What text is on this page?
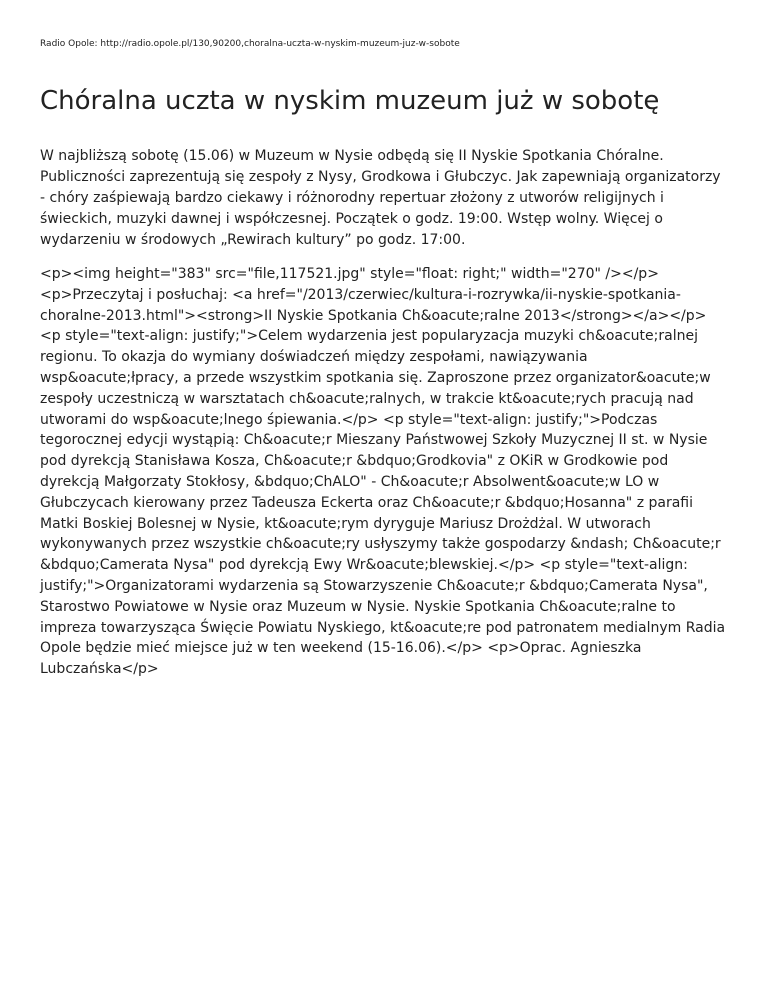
Radio Opole: http://radio.opole.pl/130,90200,choralna-uczta-w-nyskim-muzeum-juz-w-sobote
Chóralna uczta w nyskim muzeum już w sobotę

W najbliższą sobotę (15.06) w Muzeum w Nysie odbędą się II Nyskie Spotkania Chóralne. Publiczności zaprezentują się zespoły z Nysy, Grodkowa i Głubczyc. Jak zapewniają organizatorzy - chóry zaśpiewają bardzo ciekawy i różnorodny repertuar złożony z utworów religijnych i świeckich, muzyki dawnej i współczesnej. Początek o godz. 19:00. Wstęp wolny. Więcej o wydarzeniu w środowych „Rewirach kultury” po godz. 17:00.

<p><img height="383" src="file,117521.jpg" style="float: right;" width="270" /></p> <p>Przeczytaj i posłuchaj: <a href="/2013/czerwiec/kultura-i-rozrywka/ii-nyskie-spotkania-choralne-2013.html"><strong>II Nyskie Spotkania Ch&oacute;ralne 2013</strong></a></p> <p style="text-align: justify;">Celem wydarzenia jest popularyzacja muzyki ch&oacute;ralnej regionu. To okazja do wymiany doświadczeń między zespołami, nawiązywania wsp&oacute;łpracy, a przede wszystkim spotkania się. Zaproszone przez organizator&oacute;w zespoły uczestniczą w warsztatach ch&oacute;ralnych, w trakcie kt&oacute;rych pracują nad utworami do wsp&oacute;lnego śpiewania.</p> <p style="text-align: justify;">Podczas tegorocznej edycji wystąpią: Ch&oacute;r Mieszany Państwowej Szkoły Muzycznej II st. w Nysie pod dyrekcją Stanisława Kosza, Ch&oacute;r &bdquo;Grodkovia" z OKiR w Grodkowie pod dyrekcją Małgorzaty Stokłosy, &bdquo;ChALO" - Ch&oacute;r Absolwent&oacute;w LO w Głubczycach kierowany przez Tadeusza Eckerta oraz Ch&oacute;r &bdquo;Hosanna" z parafii Matki Boskiej Bolesnej w Nysie, kt&oacute;rym dyryguje Mariusz Drożdżal. W utworach wykonywanych przez wszystkie ch&oacute;ry usłyszymy także gospodarzy &ndash; Ch&oacute;r &bdquo;Camerata Nysa" pod dyrekcją Ewy Wr&oacute;blewskiej.</p> <p style="text-align: justify;">Organizatorami wydarzenia są Stowarzyszenie Ch&oacute;r &bdquo;Camerata Nysa", Starostwo Powiatowe w Nysie oraz Muzeum w Nysie. Nyskie Spotkania Ch&oacute;ralne to impreza towarzysząca Święcie Powiatu Nyskiego, kt&oacute;re pod patronatem medialnym Radia Opole będzie mieć miejsce już w ten weekend (15-16.06).</p> <p>Oprac. Agnieszka Lubczańska</p>
